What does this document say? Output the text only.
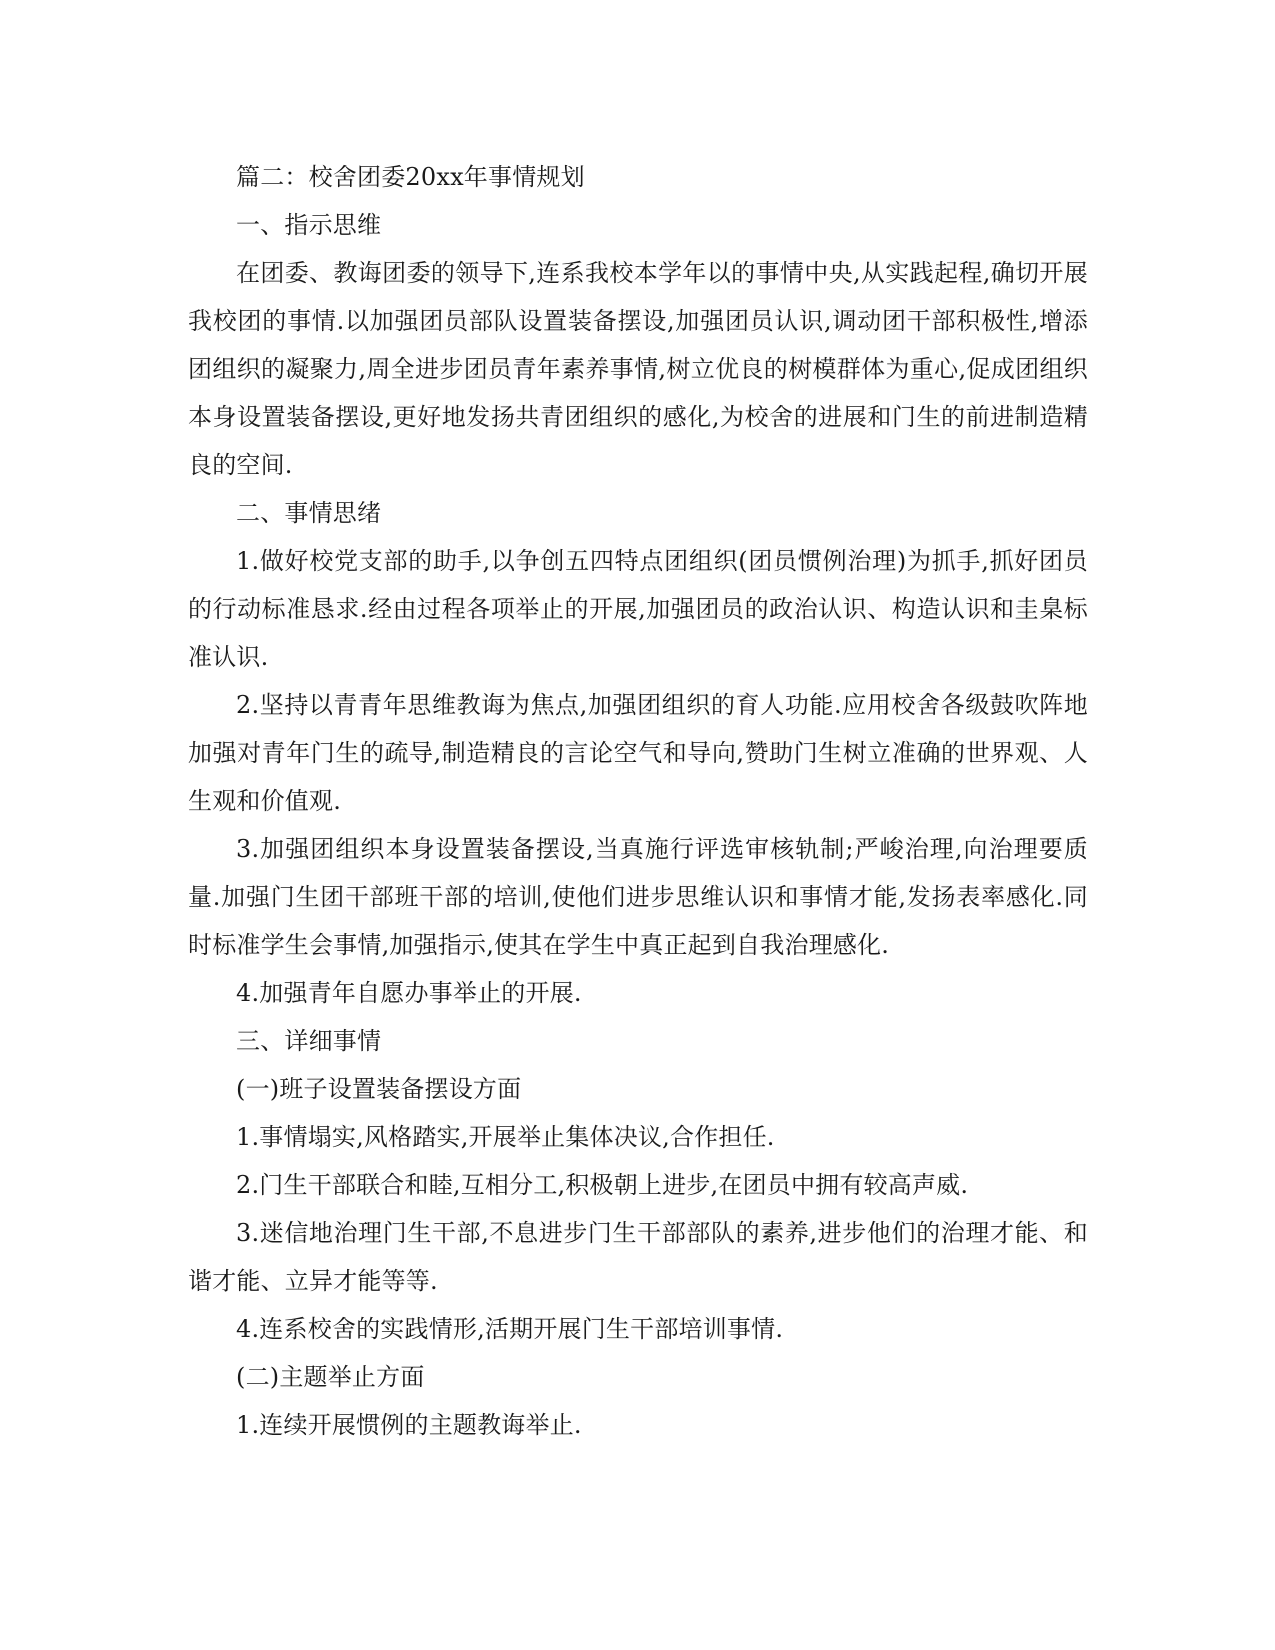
篇二：校舍团委20xx年事情规划

一、指示思维

在团委、教诲团委的领导下,连系我校本学年以的事情中央,从实践起程,确切开展我校团的事情.以加强团员部队设置装备摆设,加强团员认识,调动团干部积极性,增添团组织的凝聚力,周全进步团员青年素养事情,树立优良的树模群体为重心,促成团组织本身设置装备摆设,更好地发扬共青团组织的感化,为校舍的进展和门生的前进制造精良的空间.

二、事情思绪

1.做好校党支部的助手,以争创五四特点团组织(团员惯例治理)为抓手,抓好团员的行动标准恳求.经由过程各项举止的开展,加强团员的政治认识、构造认识和圭臬标准认识.

2.坚持以青青年思维教诲为焦点,加强团组织的育人功能.应用校舍各级鼓吹阵地加强对青年门生的疏导,制造精良的言论空气和导向,赞助门生树立准确的世界观、人生观和价值观.

3.加强团组织本身设置装备摆设,当真施行评选审核轨制;严峻治理,向治理要质量.加强门生团干部班干部的培训,使他们进步思维认识和事情才能,发扬表率感化.同时标准学生会事情,加强指示,使其在学生中真正起到自我治理感化.

4.加强青年自愿办事举止的开展.

三、详细事情

(一)班子设置装备摆设方面

1.事情塌实,风格踏实,开展举止集体决议,合作担任.

2.门生干部联合和睦,互相分工,积极朝上进步,在团员中拥有较高声威.

3.迷信地治理门生干部,不息进步门生干部部队的素养,进步他们的治理才能、和谐才能、立异才能等等.

4.连系校舍的实践情形,活期开展门生干部培训事情.

(二)主题举止方面

1.连续开展惯例的主题教诲举止.
